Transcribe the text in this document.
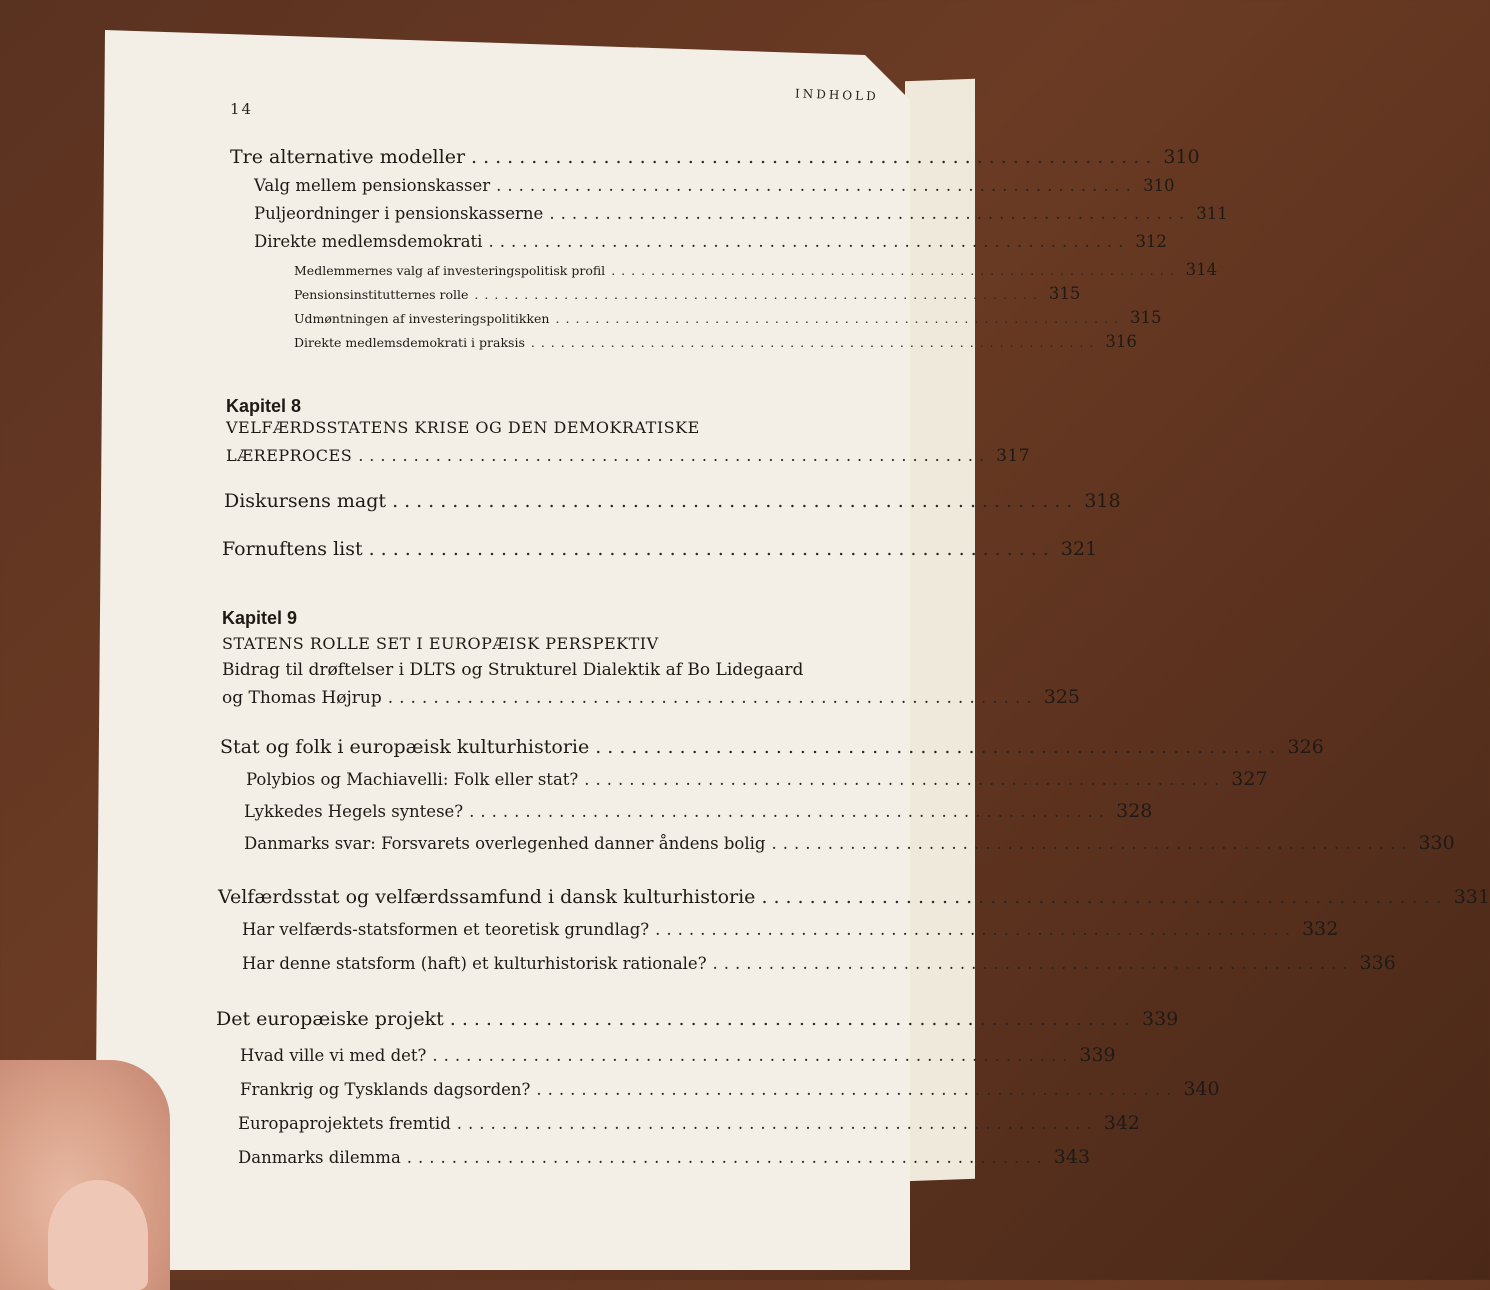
14
INDHOLD
Tre alternative modeller ......................................................... 310
Valg mellem pensionskasser ......................................................... 310
Puljeordninger i pensionskasserne ......................................................... 311
Direkte medlemsdemokrati ......................................................... 312
Medlemmernes valg af investeringspolitisk profil ......................................................... 314
Pensionsinstitutternes rolle ......................................................... 315
Udmøntningen af investeringspolitikken ......................................................... 315
Direkte medlemsdemokrati i praksis ......................................................... 316
Kapitel 8
VELFÆRDSSTATENS KRISE OG DEN DEMOKRATISKE
LÆREPROCES ......................................................... 317
Diskursens magt ......................................................... 318
Fornuftens list ......................................................... 321
Kapitel 9
STATENS ROLLE SET I EUROPÆISK PERSPEKTIV
Bidrag til drøftelser i DLTS og Strukturel Dialektik af Bo Lidegaard
og Thomas Højrup ......................................................... 325
Stat og folk i europæisk kulturhistorie ......................................................... 326
Polybios og Machiavelli: Folk eller stat? ......................................................... 327
Lykkedes Hegels syntese? ......................................................... 328
Danmarks svar: Forsvarets overlegenhed danner åndens bolig ......................................................... 330
Velfærdsstat og velfærdssamfund i dansk kulturhistorie ......................................................... 331
Har velfærds-statsformen et teoretisk grundlag? ......................................................... 332
Har denne statsform (haft) et kulturhistorisk rationale? ......................................................... 336
Det europæiske projekt ......................................................... 339
Hvad ville vi med det? ......................................................... 339
Frankrig og Tysklands dagsorden? ......................................................... 340
Europaprojektets fremtid ......................................................... 342
Danmarks dilemma ......................................................... 343
